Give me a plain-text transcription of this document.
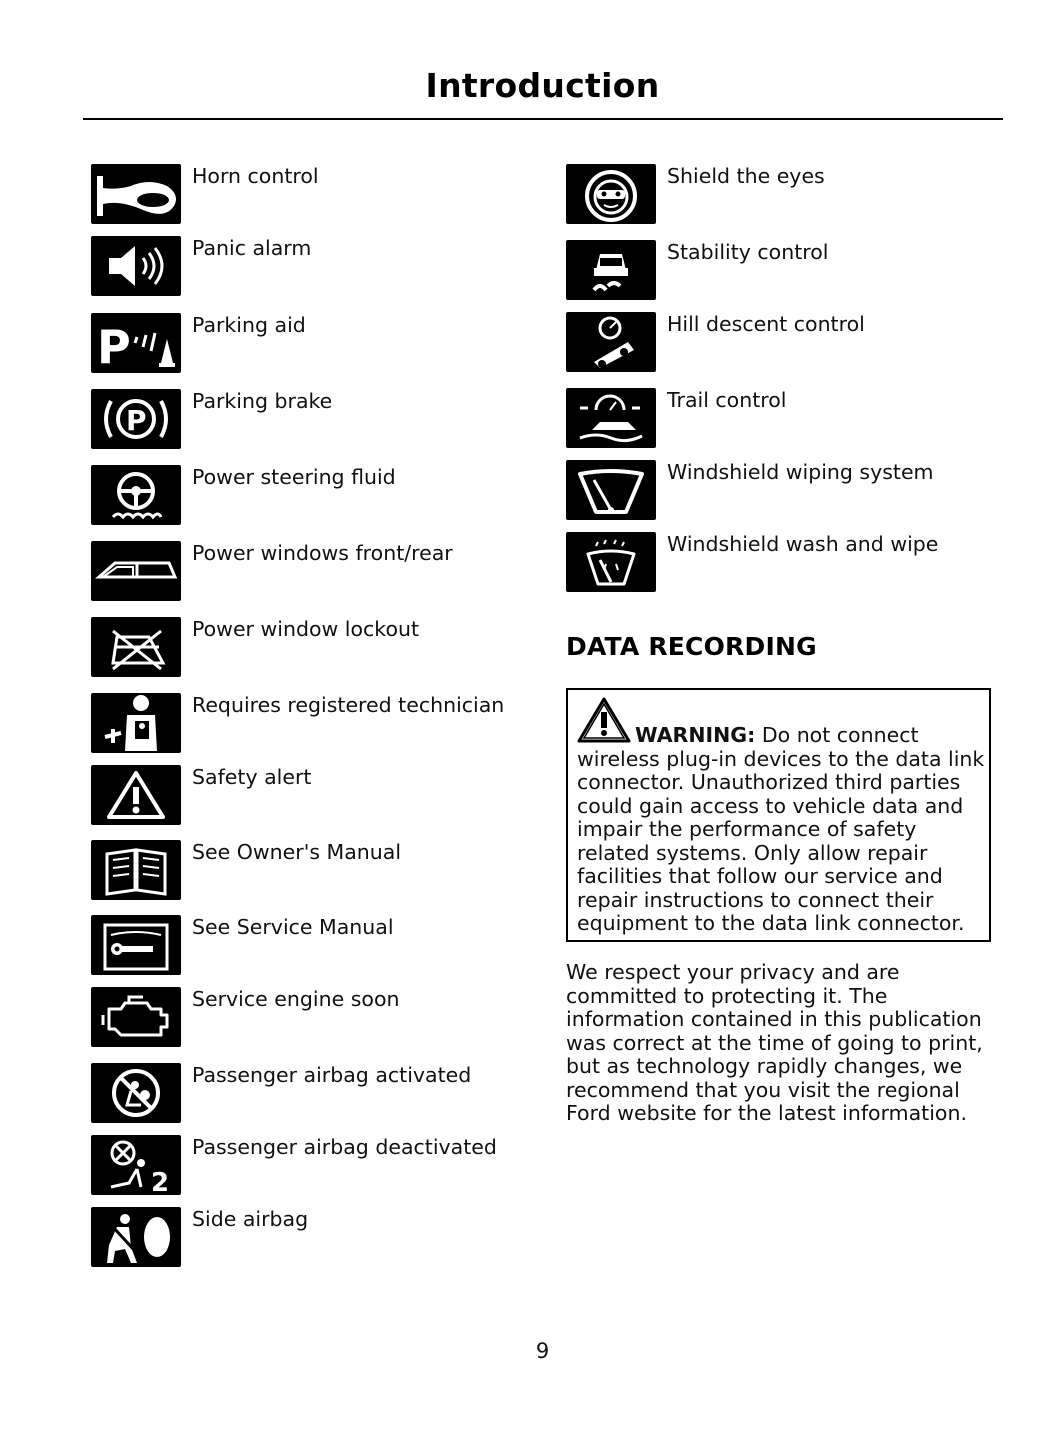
Introduction
Horn control
Panic alarm
P	Parking aid
P
Parking brake
Power steering fluid
Power windows front/rear
Power window lockout
Requires registered technician
Safety alert
See Owner's Manual
See Service Manual
Service engine soon
Passenger airbag activated
2
Passenger airbag deactivated
Side airbag
Shield the eyes
Stability control
Hill descent control
Trail control
Windshield wiping system
Windshield wash and wipe
DATA RECORDING
WARNING: Do not connect wireless plug-in devices to the data link connector. Unauthorized third parties could gain access to vehicle data and impair the performance of safety related systems. Only allow repair facilities that follow our service and repair instructions to connect their equipment to the data link connector.
We respect your privacy and are committed to protecting it. The information contained in this publication was correct at the time of going to print, but as technology rapidly changes, we recommend that you visit the regional Ford website for the latest information.
9
